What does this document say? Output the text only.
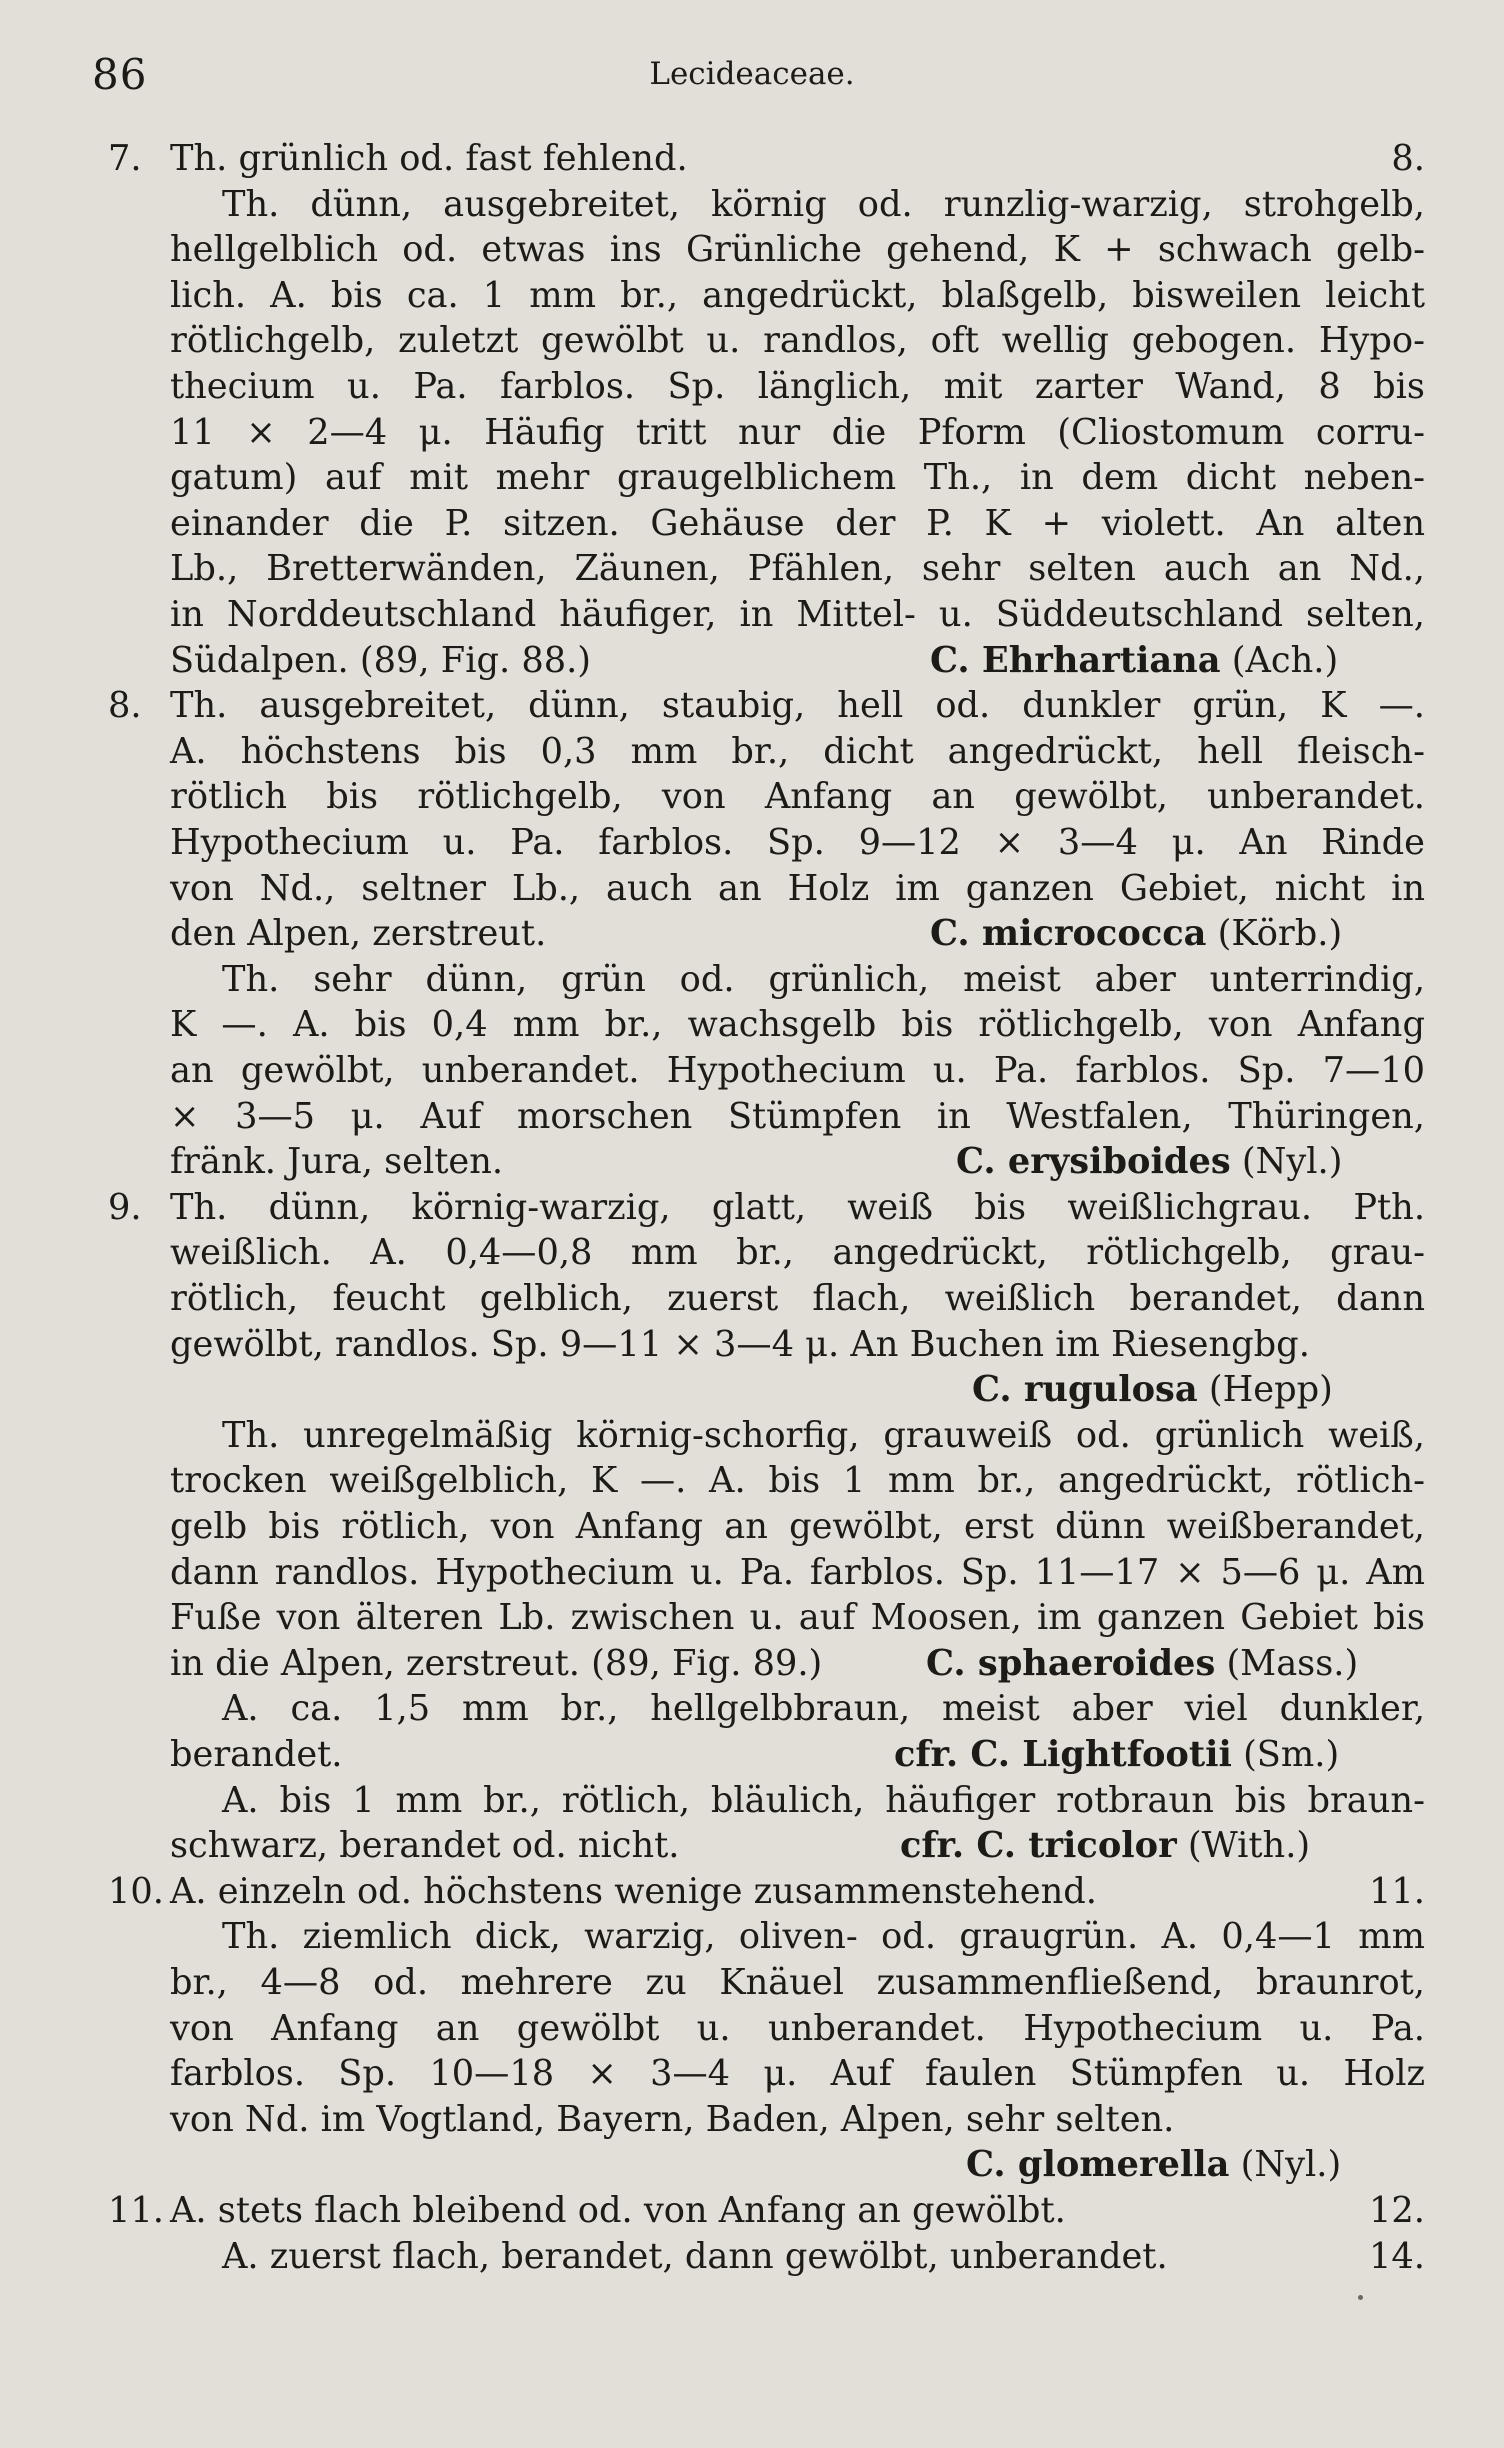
86	Lecideaceae.
7. Th. grünlich od. fast fehlend.	8.
Th. dünn, ausgebreitet, körnig od. runzlig-warzig, strohgelb,
hellgelblich od. etwas ins Grünliche gehend, K + schwach gelb-
lich. A. bis ca. 1 mm br., angedrückt, blaßgelb, bisweilen leicht
rötlichgelb, zuletzt gewölbt u. randlos, oft wellig gebogen. Hypo-
thecium u. Pa. farblos. Sp. länglich, mit zarter Wand, 8 bis
11 × 2—4 μ. Häufig tritt nur die Pform (Cliostomum corru-
gatum) auf mit mehr graugelblichem Th., in dem dicht neben-
einander die P. sitzen. Gehäuse der P. K + violett. An alten
Lb., Bretterwänden, Zäunen, Pfählen, sehr selten auch an Nd.,
in Norddeutschland häufiger, in Mittel- u. Süddeutschland selten,
Südalpen. (89, Fig. 88.)	C. Ehrhartiana (Ach.)
8. Th. ausgebreitet, dünn, staubig, hell od. dunkler grün, K —.
A. höchstens bis 0,3 mm br., dicht angedrückt, hell fleisch-
rötlich bis rötlichgelb, von Anfang an gewölbt, unberandet.
Hypothecium u. Pa. farblos. Sp. 9—12 × 3—4 μ. An Rinde
von Nd., seltner Lb., auch an Holz im ganzen Gebiet, nicht in
den Alpen, zerstreut.	C. micrococca (Körb.)
Th. sehr dünn, grün od. grünlich, meist aber unterrindig,
K —. A. bis 0,4 mm br., wachsgelb bis rötlichgelb, von Anfang
an gewölbt, unberandet. Hypothecium u. Pa. farblos. Sp. 7—10
× 3—5 μ. Auf morschen Stümpfen in Westfalen, Thüringen,
fränk. Jura, selten.	C. erysiboides (Nyl.)
9. Th. dünn, körnig-warzig, glatt, weiß bis weißlichgrau. Pth.
weißlich. A. 0,4—0,8 mm br., angedrückt, rötlichgelb, grau-
rötlich, feucht gelblich, zuerst flach, weißlich berandet, dann
gewölbt, randlos. Sp. 9—11 × 3—4 μ. An Buchen im Riesengbg.
C. rugulosa (Hepp)
Th. unregelmäßig körnig-schorfig, grauweiß od. grünlich weiß,
trocken weißgelblich, K —. A. bis 1 mm br., angedrückt, rötlich-
gelb bis rötlich, von Anfang an gewölbt, erst dünn weißberandet,
dann randlos. Hypothecium u. Pa. farblos. Sp. 11—17 × 5—6 μ. Am
Fuße von älteren Lb. zwischen u. auf Moosen, im ganzen Gebiet bis
in die Alpen, zerstreut. (89, Fig. 89.)	C. sphaeroides (Mass.)
A. ca. 1,5 mm br., hellgelbbraun, meist aber viel dunkler,
berandet.	cfr. C. Lightfootii (Sm.)
A. bis 1 mm br., rötlich, bläulich, häufiger rotbraun bis braun-
schwarz, berandet od. nicht.	cfr. C. tricolor (With.)
10. A. einzeln od. höchstens wenige zusammenstehend.	11.
Th. ziemlich dick, warzig, oliven- od. graugrün. A. 0,4—1 mm
br., 4—8 od. mehrere zu Knäuel zusammenfließend, braunrot,
von Anfang an gewölbt u. unberandet. Hypothecium u. Pa.
farblos. Sp. 10—18 × 3—4 μ. Auf faulen Stümpfen u. Holz
von Nd. im Vogtland, Bayern, Baden, Alpen, sehr selten.
C. glomerella (Nyl.)
11. A. stets flach bleibend od. von Anfang an gewölbt.	12.
A. zuerst flach, berandet, dann gewölbt, unberandet.	14.
